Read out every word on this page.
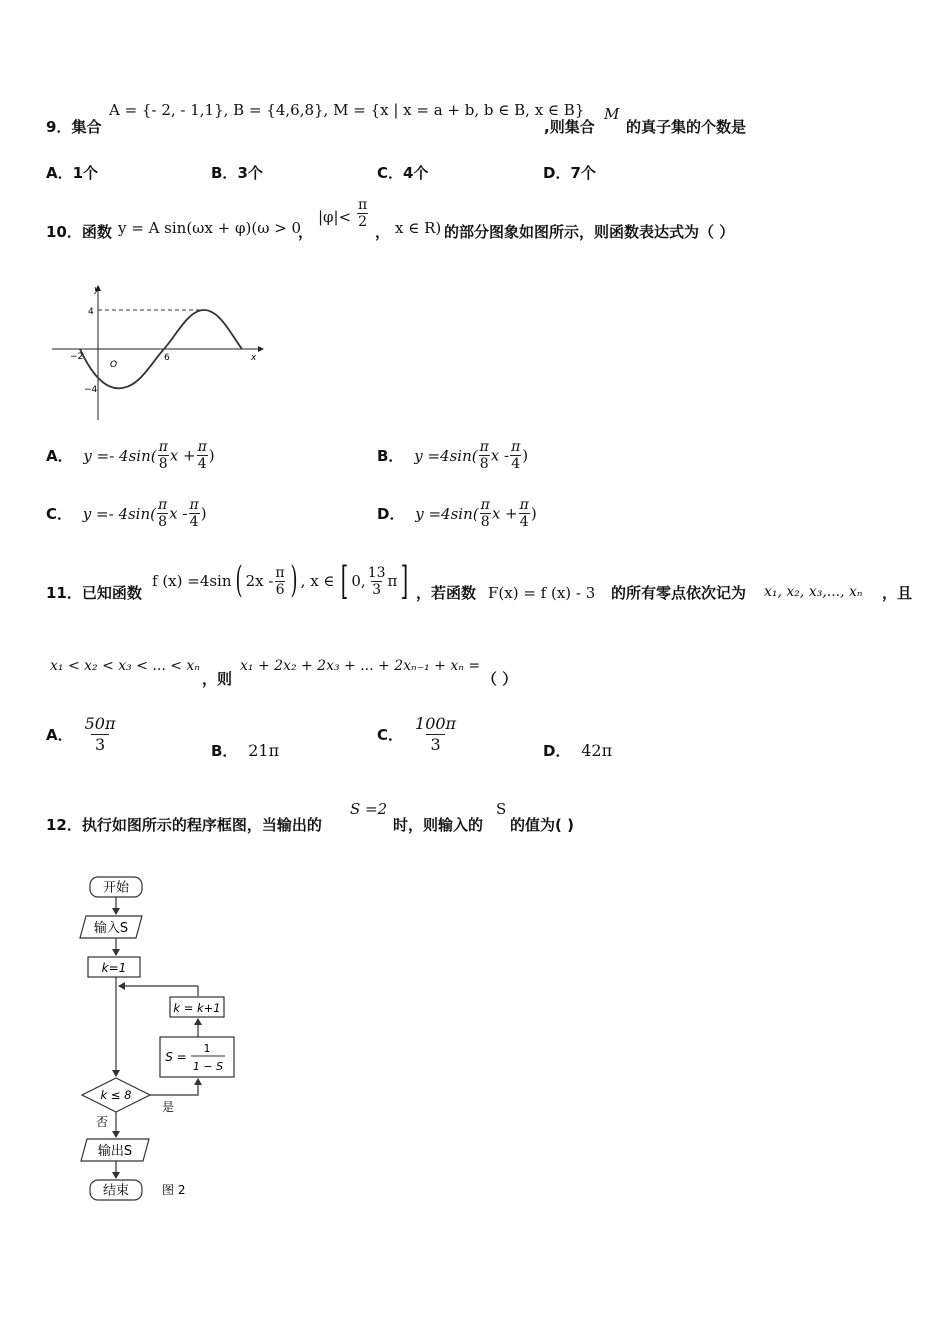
9．集合
A = {- 2, - 1,1}, B = {4,6,8}, M = {x | x = a + b, b ∈ B, x ∈ B}
,则集合
M
的真子集的个数是
A．1个	B．3个	C．4个	D．7个
10．函数 y = A sin(ωx + φ)(ω > 0
，
$|\varphi|< \frac{\pi}{2}$
， x ∈ R) 的部分图象如图所示，则函数表达式为（ ）
y
x
4
−4
−2
O
6
A． $y =- 4\sin( \frac{\pi}{8}$ $x + \frac{\pi}{4}$ )	B． $y =4\sin( \frac{\pi}{8}$ x - $\frac{\pi}{4}$ )
C． $y =- 4\sin( \frac{\pi}{8}$ x - $\frac{\pi}{4}$ )	D． $y =4\sin( \frac{\pi}{8}$ $x + \frac{\pi}{4}$ )
11．已知函数
f (x) =4sin ( $2x - \frac{\pi}{6}$ ) , x ∈ [ 0, $\frac{13}{3}$ π ] ，若函数 F(x) = f (x) - 3 的所有零点依次记为 x₁, x₂, x₃,..., xₙ ，且
x₁ < x₂ < x₃ < ... < xₙ
，则
x₁ + 2x₂ + 2x₃ + ... + 2xₙ₋₁ + xₙ =
（ ）
A． $\frac{50\pi}{3}$	B． 21π
C． $\frac{100\pi}{3}$	D． 42π
12．执行如图所示的程序框图，当输出的
S =2
时，则输入的
S
的值为( )
开始
输入S
k=1
k = k+1
S =
1
1 − S
k ≤ 8
是
否
输出S
结束	图 2
